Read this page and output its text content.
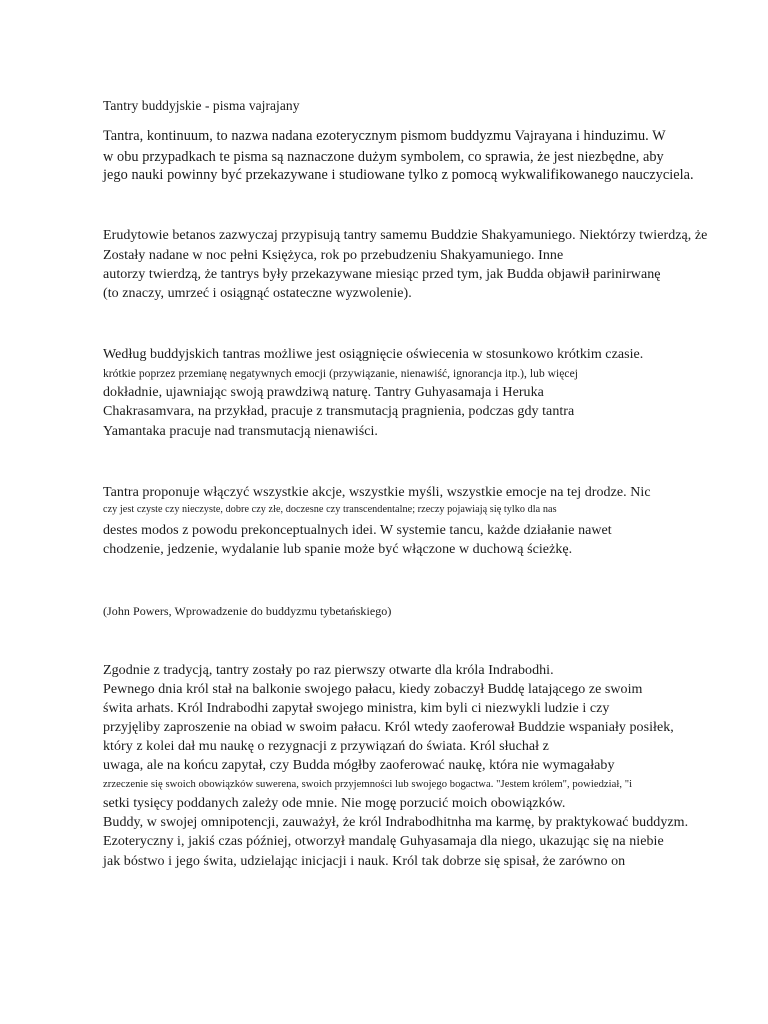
Tantry buddyjskie - pisma vajrajany
Tantra, kontinuum, to nazwa nadana ezoterycznym pismom buddyzmu Vajrayana i hinduzimu. W
w obu przypadkach te pisma są naznaczone dużym symbolem, co sprawia, że jest niezbędne, aby
jego nauki powinny być przekazywane i studiowane tylko z pomocą wykwalifikowanego nauczyciela.
Erudytowie betanos zazwyczaj przypisują tantry samemu Buddzie Shakyamuniego. Niektórzy twierdzą, że
Zostały nadane w noc pełni Księżyca, rok po przebudzeniu Shakyamuniego. Inne
autorzy twierdzą, że tantrys były przekazywane miesiąc przed tym, jak Budda objawił parinirwanę
(to znaczy, umrzeć i osiągnąć ostateczne wyzwolenie).
Według buddyjskich tantras możliwe jest osiągnięcie oświecenia w stosunkowo krótkim czasie.
krótkie poprzez przemianę negatywnych emocji (przywiązanie, nienawiść, ignorancja itp.), lub więcej
dokładnie, ujawniając swoją prawdziwą naturę. Tantry Guhyasamaja i Heruka
Chakrasamvara, na przykład, pracuje z transmutacją pragnienia, podczas gdy tantra
Yamantaka pracuje nad transmutacją nienawiści.
Tantra proponuje włączyć wszystkie akcje, wszystkie myśli, wszystkie emocje na tej drodze. Nic
czy jest czyste czy nieczyste, dobre czy złe, doczesne czy transcendentalne; rzeczy pojawiają się tylko dla nas
destes modos z powodu prekonceptualnych idei. W systemie tancu, każde działanie nawet
chodzenie, jedzenie, wydalanie lub spanie może być włączone w duchową ścieżkę.
(John Powers, Wprowadzenie do buddyzmu tybetańskiego)
Zgodnie z tradycją, tantry zostały po raz pierwszy otwarte dla króla Indrabodhi.
Pewnego dnia król stał na balkonie swojego pałacu, kiedy zobaczył Buddę latającego ze swoim
świta arhats. Król Indrabodhi zapytał swojego ministra, kim byli ci niezwykli ludzie i czy
przyjęliby zaproszenie na obiad w swoim pałacu. Król wtedy zaoferował Buddzie wspaniały posiłek,
który z kolei dał mu naukę o rezygnacji z przywiązań do świata. Król słuchał z
uwaga, ale na końcu zapytał, czy Budda mógłby zaoferować naukę, która nie wymagałaby
zrzeczenie się swoich obowiązków suwerena, swoich przyjemności lub swojego bogactwa. "Jestem królem", powiedział, "i
setki tysięcy poddanych zależy ode mnie. Nie mogę porzucić moich obowiązków.
Buddy, w swojej omnipotencji, zauważył, że król Indrabodhitnha ma karmę, by praktykować buddyzm.
Ezoteryczny i, jakiś czas później, otworzył mandalę Guhyasamaja dla niego, ukazując się na niebie
jak bóstwo i jego świta, udzielając inicjacji i nauk. Król tak dobrze się spisał, że zarówno on
